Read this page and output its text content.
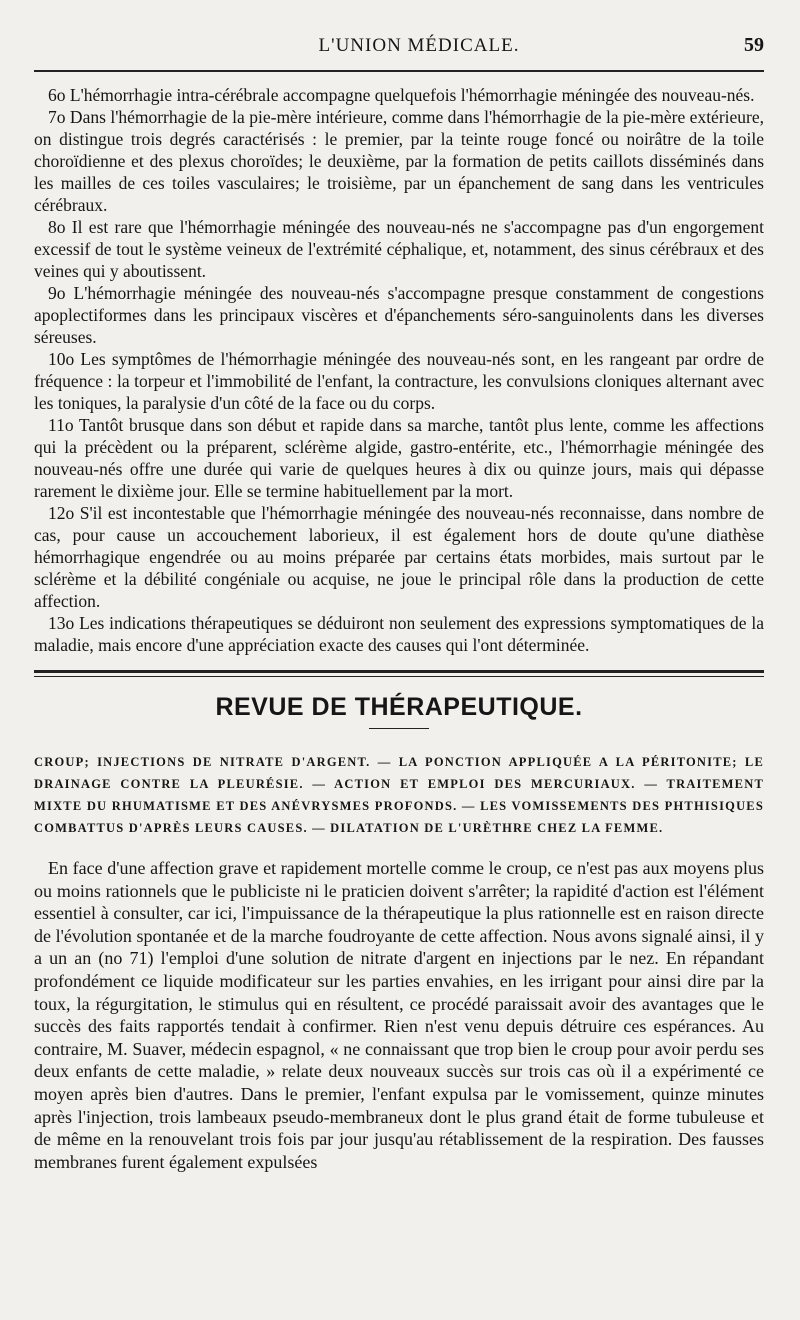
L'UNION MÉDICALE.	59

6o L'hémorrhagie intra-cérébrale accompagne quelquefois l'hémorrhagie méningée des nouveau-nés.

7o Dans l'hémorrhagie de la pie-mère intérieure, comme dans l'hémorrhagie de la pie-mère extérieure, on distingue trois degrés caractérisés : le premier, par la teinte rouge foncé ou noirâtre de la toile choroïdienne et des plexus choroïdes; le deuxième, par la formation de petits caillots disséminés dans les mailles de ces toiles vasculaires; le troisième, par un épanchement de sang dans les ventricules cérébraux.

8o Il est rare que l'hémorrhagie méningée des nouveau-nés ne s'accompagne pas d'un engorgement excessif de tout le système veineux de l'extrémité céphalique, et, notamment, des sinus cérébraux et des veines qui y aboutissent.

9o L'hémorrhagie méningée des nouveau-nés s'accompagne presque constamment de congestions apoplectiformes dans les principaux viscères et d'épanchements séro-sanguinolents dans les diverses séreuses.

10o Les symptômes de l'hémorrhagie méningée des nouveau-nés sont, en les rangeant par ordre de fréquence : la torpeur et l'immobilité de l'enfant, la contracture, les convulsions cloniques alternant avec les toniques, la paralysie d'un côté de la face ou du corps.

11o Tantôt brusque dans son début et rapide dans sa marche, tantôt plus lente, comme les affections qui la précèdent ou la préparent, sclérème algide, gastro-entérite, etc., l'hémorrhagie méningée des nouveau-nés offre une durée qui varie de quelques heures à dix ou quinze jours, mais qui dépasse rarement le dixième jour. Elle se termine habituellement par la mort.

12o S'il est incontestable que l'hémorrhagie méningée des nouveau-nés reconnaisse, dans nombre de cas, pour cause un accouchement laborieux, il est également hors de doute qu'une diathèse hémorrhagique engendrée ou au moins préparée par certains états morbides, mais surtout par le sclérème et la débilité congéniale ou acquise, ne joue le principal rôle dans la production de cette affection.

13o Les indications thérapeutiques se déduiront non seulement des expressions symptomatiques de la maladie, mais encore d'une appréciation exacte des causes qui l'ont déterminée.

REVUE DE THÉRAPEUTIQUE.

CROUP; INJECTIONS DE NITRATE D'ARGENT. — LA PONCTION APPLIQUÉE A LA PÉRITONITE; LE DRAINAGE CONTRE LA PLEURÉSIE. — ACTION ET EMPLOI DES MERCURIAUX. — TRAITEMENT MIXTE DU RHUMATISME ET DES ANÉVRYSMES PROFONDS. — LES VOMISSEMENTS DES PHTHISIQUES COMBATTUS D'APRÈS LEURS CAUSES. — DILATATION DE L'URÈTHRE CHEZ LA FEMME.

En face d'une affection grave et rapidement mortelle comme le croup, ce n'est pas aux moyens plus ou moins rationnels que le publiciste ni le praticien doivent s'arrêter; la rapidité d'action est l'élément essentiel à consulter, car ici, l'impuissance de la thérapeutique la plus rationnelle est en raison directe de l'évolution spontanée et de la marche foudroyante de cette affection. Nous avons signalé ainsi, il y a un an (no 71) l'emploi d'une solution de nitrate d'argent en injections par le nez. En répandant profondément ce liquide modificateur sur les parties envahies, en les irrigant pour ainsi dire par la toux, la régurgitation, le stimulus qui en résultent, ce procédé paraissait avoir des avantages que le succès des faits rapportés tendait à confirmer. Rien n'est venu depuis détruire ces espérances. Au contraire, M. Suaver, médecin espagnol, « ne connaissant que trop bien le croup pour avoir perdu ses deux enfants de cette maladie, » relate deux nouveaux succès sur trois cas où il a expérimenté ce moyen après bien d'autres. Dans le premier, l'enfant expulsa par le vomissement, quinze minutes après l'injection, trois lambeaux pseudo-membraneux dont le plus grand était de forme tubuleuse et de même en la renouvelant trois fois par jour jusqu'au rétablissement de la respiration. Des fausses membranes furent également expulsées
